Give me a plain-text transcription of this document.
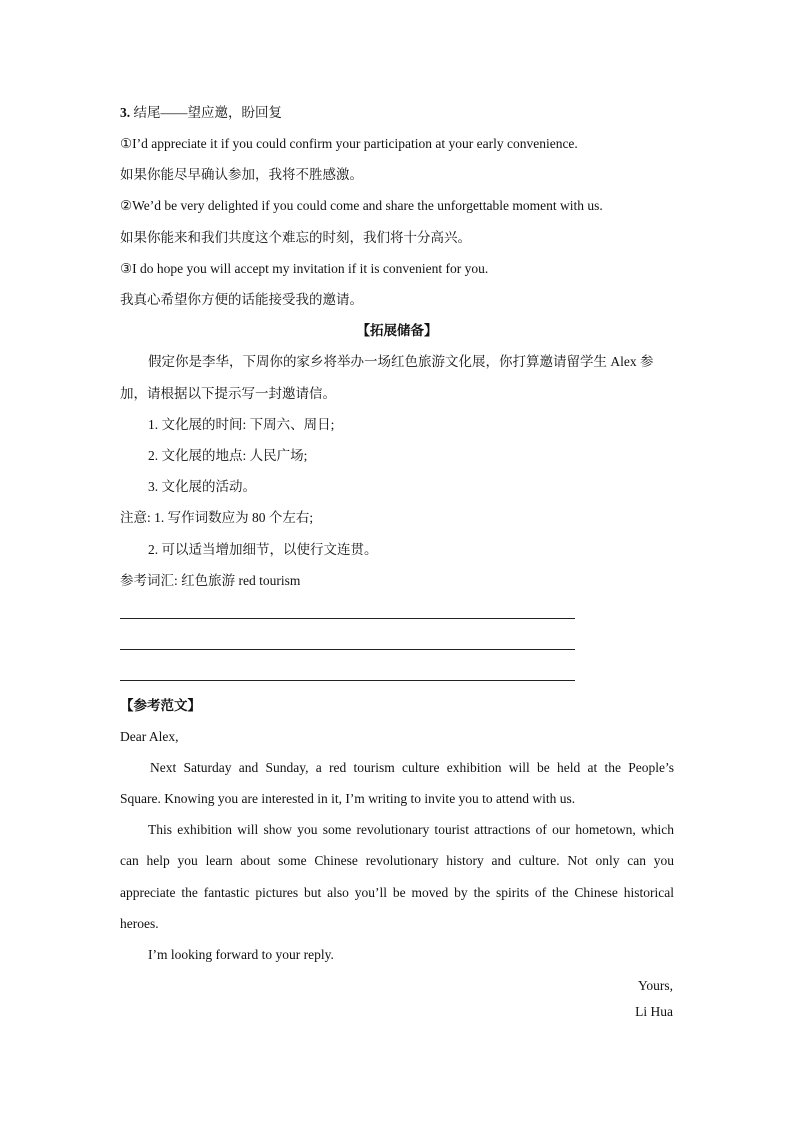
3. 结尾——望应邀，盼回复
①I’d appreciate it if you could confirm your participation at your early convenience.
如果你能尽早确认参加，我将不胜感激。
②We’d be very delighted if you could come and share the unforgettable moment with us.
如果你能来和我们共度这个难忘的时刻，我们将十分高兴。
③I do hope you will accept my invitation if it is convenient for you.
我真心希望你方便的话能接受我的邀请。
【拓展储备】
假定你是李华，下周你的家乡将举办一场红色旅游文化展，你打算邀请留学生 Alex 参
加，请根据以下提示写一封邀请信。
1. 文化展的时间: 下周六、周日;
2. 文化展的地点: 人民广场;
3. 文化展的活动。
注意: 1. 写作词数应为 80 个左右;
2. 可以适当增加细节，以使行文连贯。
参考词汇: 红色旅游 red tourism
【参考范文】
Dear Alex,
Next Saturday and Sunday, a red tourism culture exhibition will be held at the People’s
Square. Knowing you are interested in it, I’m writing to invite you to attend with us.
This exhibition will show you some revolutionary tourist attractions of our hometown, which
can help you learn about some Chinese revolutionary history and culture. Not only can you
appreciate the fantastic pictures but also you’ll be moved by the spirits of the Chinese historical
heroes.
I’m looking forward to your reply.
Yours,
Li Hua
